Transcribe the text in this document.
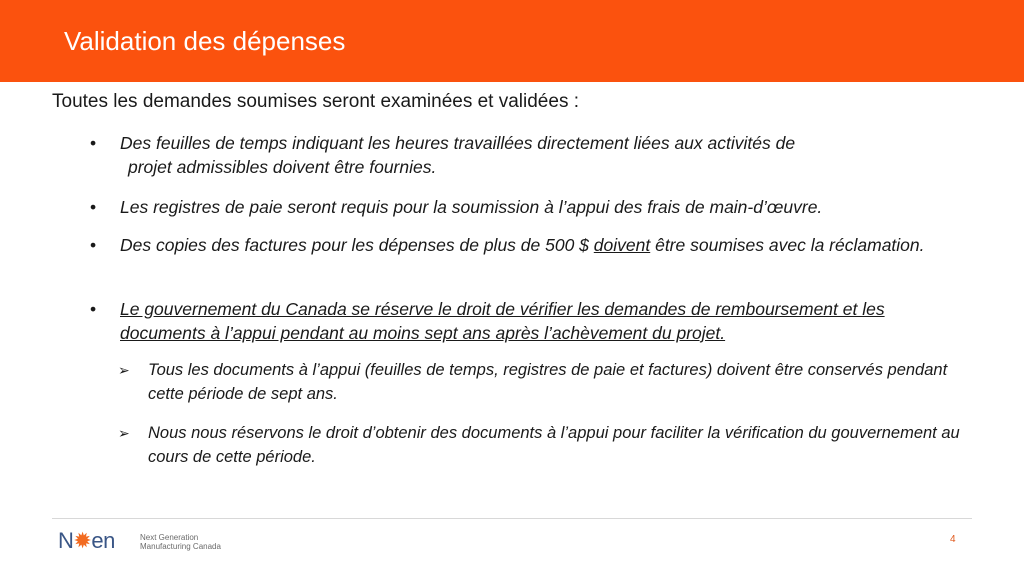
Validation des dépenses
Toutes les demandes soumises seront examinées et validées :
• Des feuilles de temps indiquant les heures travaillées directement liées aux activités de
projet admissibles doivent être fournies.
• Les registres de paie seront requis pour la soumission à l’appui des frais de main-d’œuvre.
• Des copies des factures pour les dépenses de plus de 500 $ doivent être soumises avec la réclamation.
• Le gouvernement du Canada se réserve le droit de vérifier les demandes de remboursement et les documents à l’appui pendant au moins sept ans après l’achèvement du projet.
➢ Tous les documents à l’appui (feuilles de temps, registres de paie et factures) doivent être conservés pendant cette période de sept ans.
➢ Nous nous réservons le droit d’obtenir des documents à l’appui pour faciliter la vérification du gouvernement au cours de cette période.
N✹en	Next Generation
Manufacturing Canada
4
